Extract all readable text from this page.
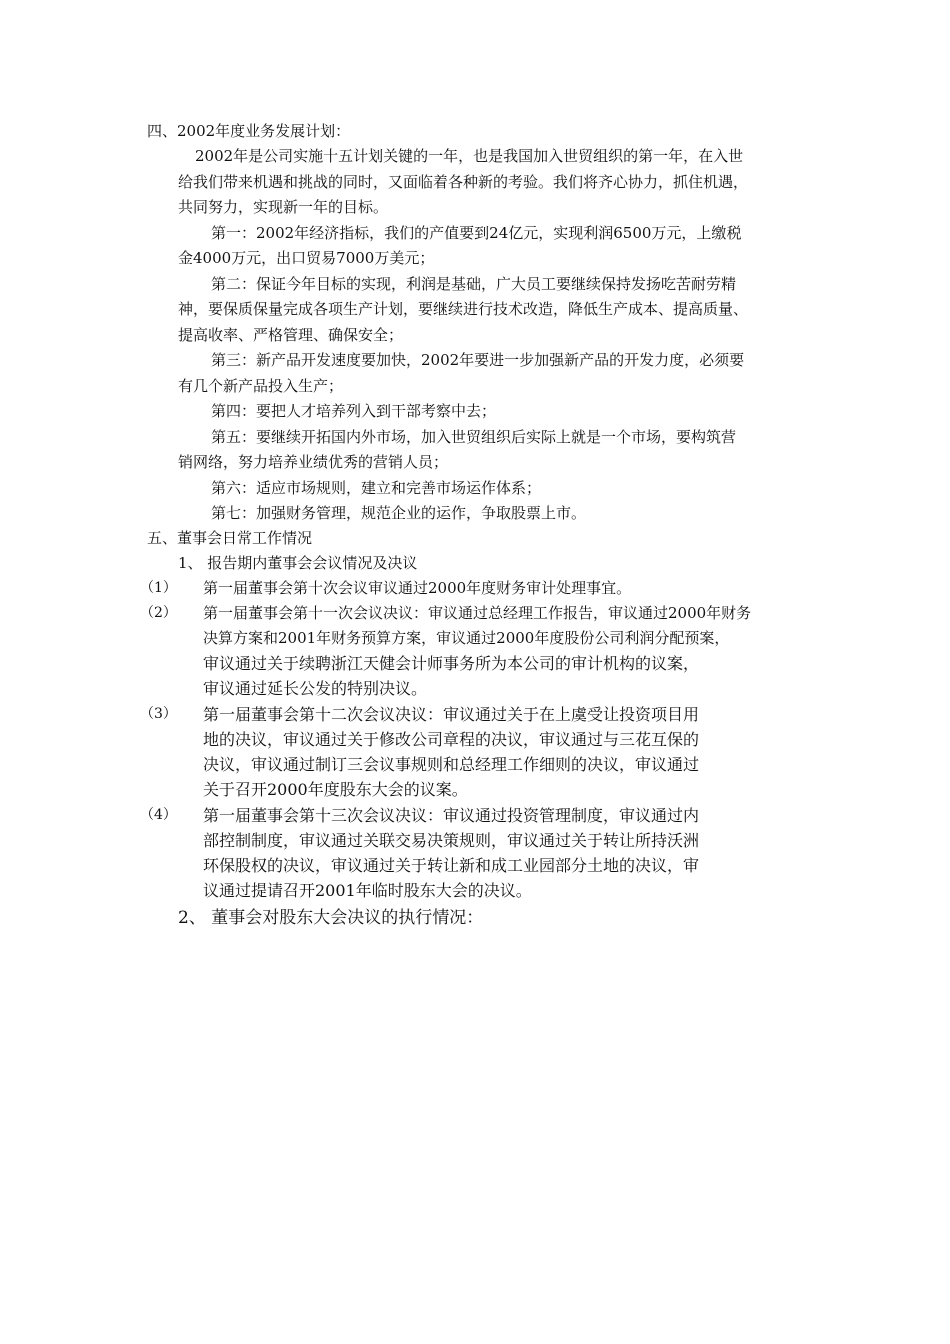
四、2002年度业务发展计划：
2002年是公司实施十五计划关键的一年，也是我国加入世贸组织的第一年，在入世
给我们带来机遇和挑战的同时，又面临着各种新的考验。我们将齐心协力，抓住机遇，
共同努力，实现新一年的目标。
第一：2002年经济指标，我们的产值要到24亿元，实现利润6500万元，上缴税
金4000万元，出口贸易7000万美元；
第二：保证今年目标的实现，利润是基础，广大员工要继续保持发扬吃苦耐劳精
神，要保质保量完成各项生产计划，要继续进行技术改造，降低生产成本、提高质量、
提高收率、严格管理、确保安全；
第三：新产品开发速度要加快，2002年要进一步加强新产品的开发力度，必须要
有几个新产品投入生产；
第四：要把人才培养列入到干部考察中去；
第五：要继续开拓国内外市场，加入世贸组织后实际上就是一个市场，要构筑营
销网络，努力培养业绩优秀的营销人员；
第六：适应市场规则，建立和完善市场运作体系；
第七：加强财务管理，规范企业的运作，争取股票上市。
五、董事会日常工作情况
1、 报告期内董事会会议情况及决议
（1） 第一届董事会第十次会议审议通过2000年度财务审计处理事宜。
（2） 第一届董事会第十一次会议决议：审议通过总经理工作报告，审议通过2000年财务
决算方案和2001年财务预算方案，审议通过2000年度股份公司利润分配预案，
审议通过关于续聘浙江天健会计师事务所为本公司的审计机构的议案，
审议通过延长公发的特别决议。
（3） 第一届董事会第十二次会议决议：审议通过关于在上虞受让投资项目用
地的决议，审议通过关于修改公司章程的决议，审议通过与三花互保的
决议，审议通过制订三会议事规则和总经理工作细则的决议，审议通过
关于召开2000年度股东大会的议案。
（4） 第一届董事会第十三次会议决议：审议通过投资管理制度，审议通过内
部控制制度，审议通过关联交易决策规则，审议通过关于转让所持沃洲
环保股权的决议，审议通过关于转让新和成工业园部分土地的决议，审
议通过提请召开2001年临时股东大会的决议。
2、 董事会对股东大会决议的执行情况：
